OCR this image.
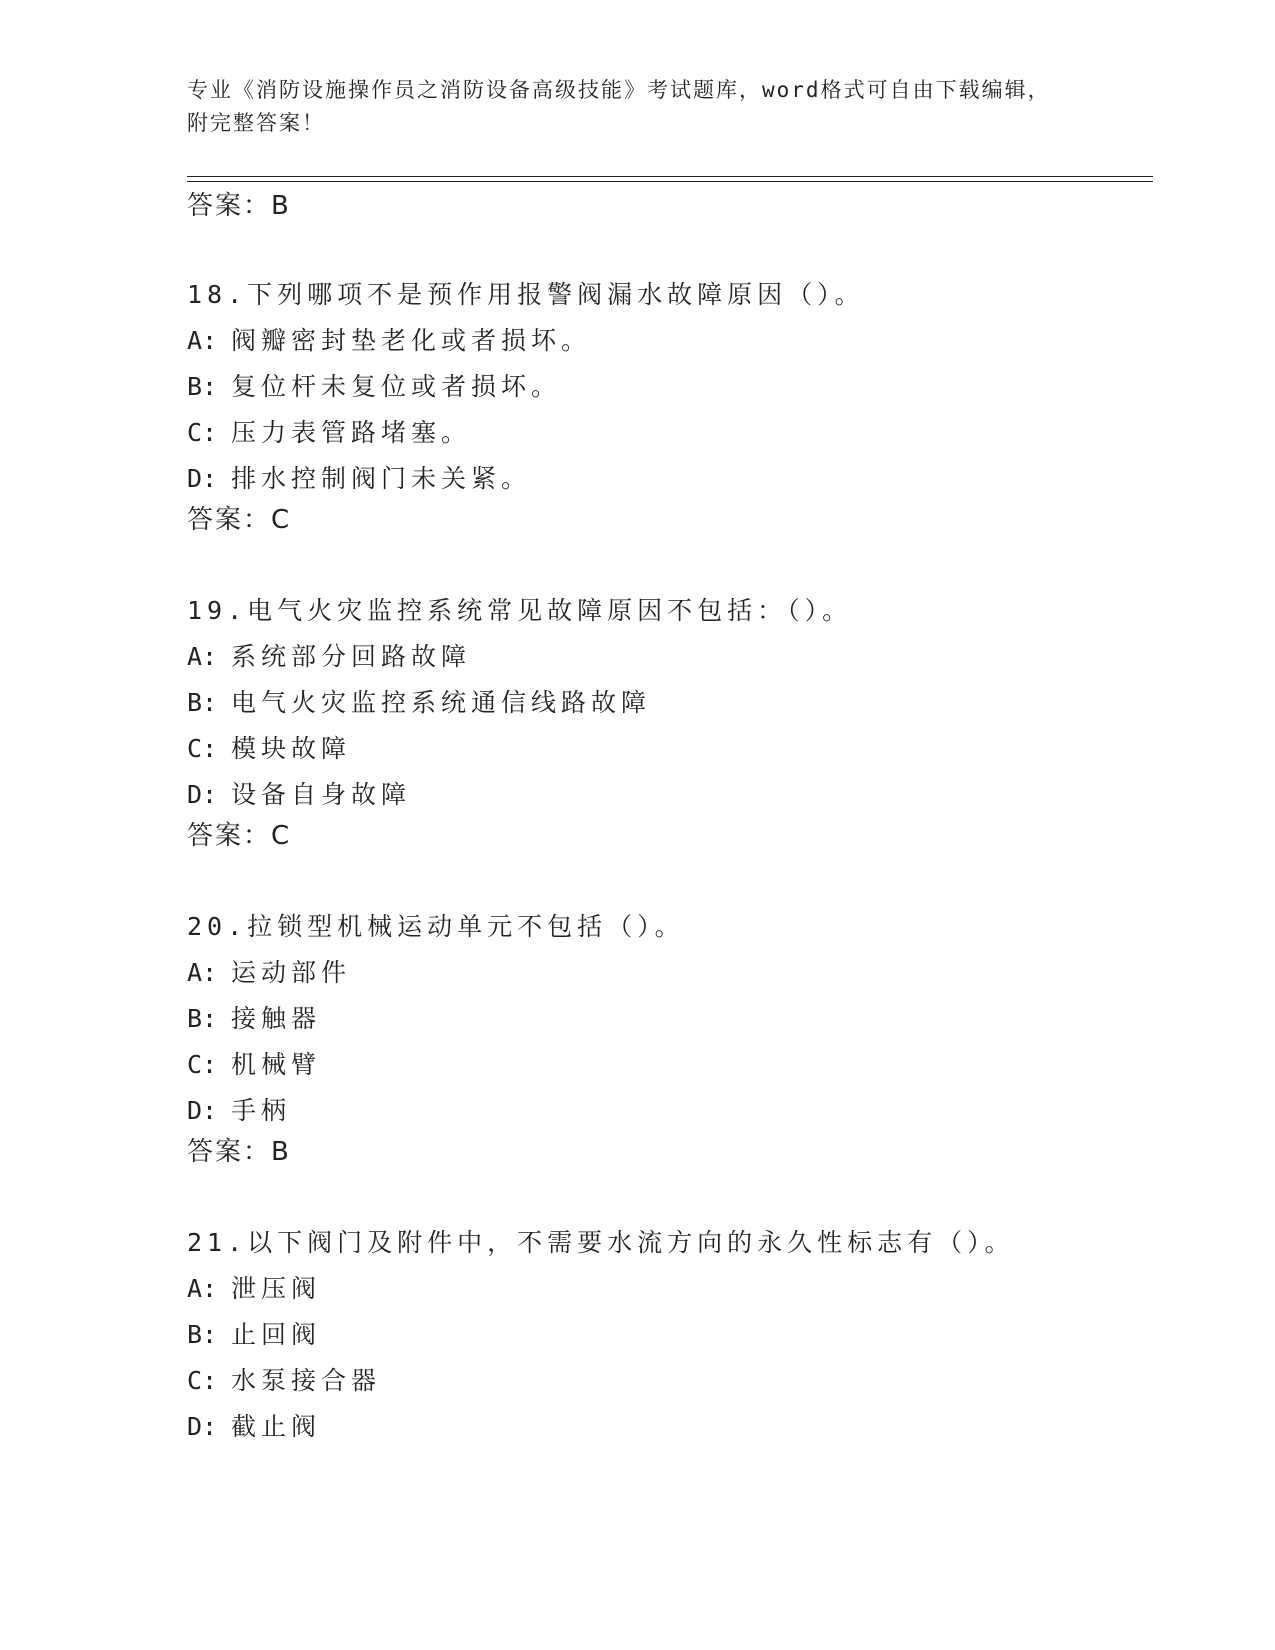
专业《消防设施操作员之消防设备高级技能》考试题库，word格式可自由下载编辑，附完整答案！
答案：B
18.下列哪项不是预作用报警阀漏水故障原因（）。
A: 阀瓣密封垫老化或者损坏。
B: 复位杆未复位或者损坏。
C: 压力表管路堵塞。
D: 排水控制阀门未关紧。
答案：C
19.电气火灾监控系统常见故障原因不包括：（）。
A: 系统部分回路故障
B: 电气火灾监控系统通信线路故障
C: 模块故障
D: 设备自身故障
答案：C
20.拉锁型机械运动单元不包括（）。
A: 运动部件
B: 接触器
C: 机械臂
D: 手柄
答案：B
21.以下阀门及附件中，不需要水流方向的永久性标志有（）。
A: 泄压阀
B: 止回阀
C: 水泵接合器
D: 截止阀
